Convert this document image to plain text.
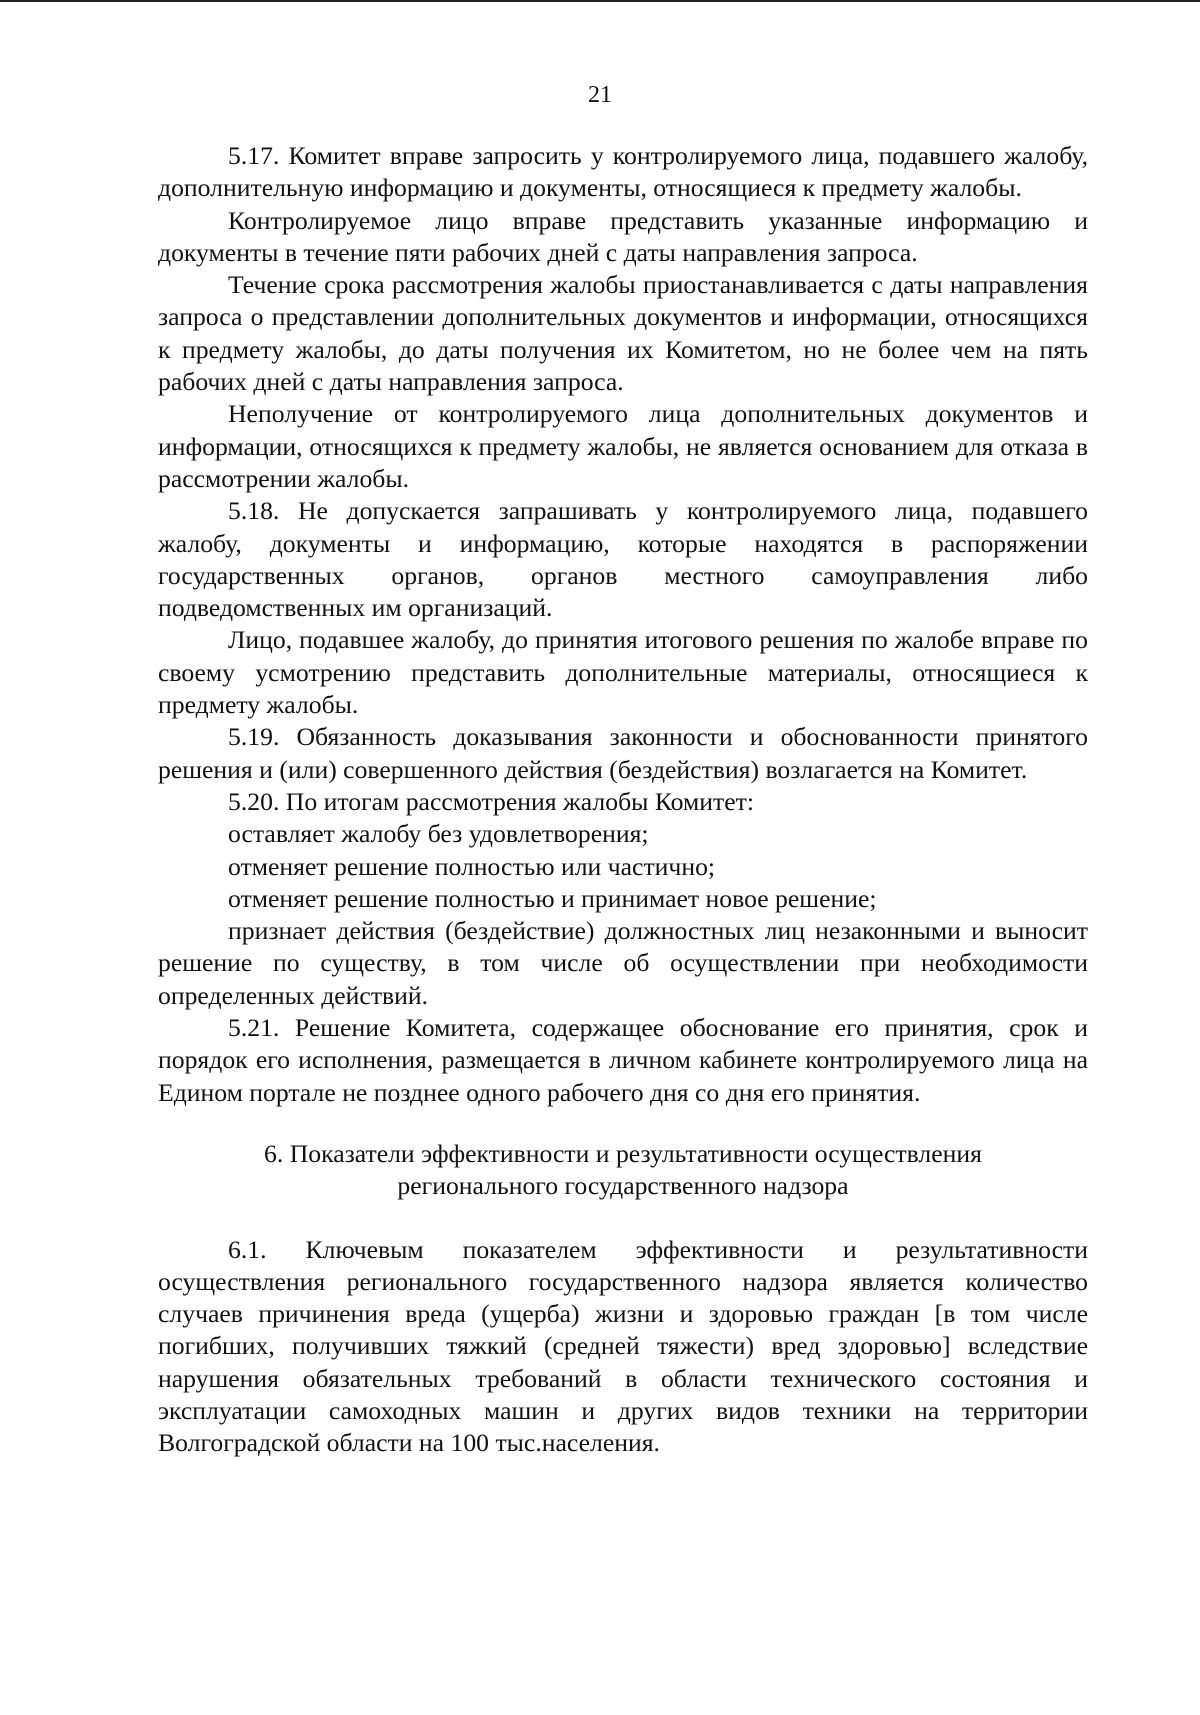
21

5.17. Комитет вправе запросить у контролируемого лица, подавшего жалобу, дополнительную информацию и документы, относящиеся к предмету жалобы.

Контролируемое лицо вправе представить указанные информацию и документы в течение пяти рабочих дней с даты направления запроса.

Течение срока рассмотрения жалобы приостанавливается с даты направления запроса о представлении дополнительных документов и информации, относящихся к предмету жалобы, до даты получения их Комитетом, но не более чем на пять рабочих дней с даты направления запроса.

Неполучение от контролируемого лица дополнительных документов и информации, относящихся к предмету жалобы, не является основанием для отказа в рассмотрении жалобы.

5.18. Не допускается запрашивать у контролируемого лица, подавшего жалобу, документы и информацию, которые находятся в распоряжении государственных органов, органов местного самоуправления либо подведомственных им организаций.

Лицо, подавшее жалобу, до принятия итогового решения по жалобе вправе по своему усмотрению представить дополнительные материалы, относящиеся к предмету жалобы.

5.19. Обязанность доказывания законности и обоснованности принятого решения и (или) совершенного действия (бездействия) возлагается на Комитет.

5.20. По итогам рассмотрения жалобы Комитет:

оставляет жалобу без удовлетворения;

отменяет решение полностью или частично;

отменяет решение полностью и принимает новое решение;

признает действия (бездействие) должностных лиц незаконными и выносит решение по существу, в том числе об осуществлении при необходимости определенных действий.

5.21. Решение Комитета, содержащее обоснование его принятия, срок и порядок его исполнения, размещается в личном кабинете контролируемого лица на Едином портале не позднее одного рабочего дня со дня его принятия.

6. Показатели эффективности и результативности осуществления
регионального государственного надзора

6.1. Ключевым показателем эффективности и результативности осуществления регионального государственного надзора является количество случаев причинения вреда (ущерба) жизни и здоровью граждан [в том числе погибших, получивших тяжкий (средней тяжести) вред здоровью] вследствие нарушения обязательных требований в области технического состояния и эксплуатации самоходных машин и других видов техники на территории Волгоградской области на 100 тыс.населения.
